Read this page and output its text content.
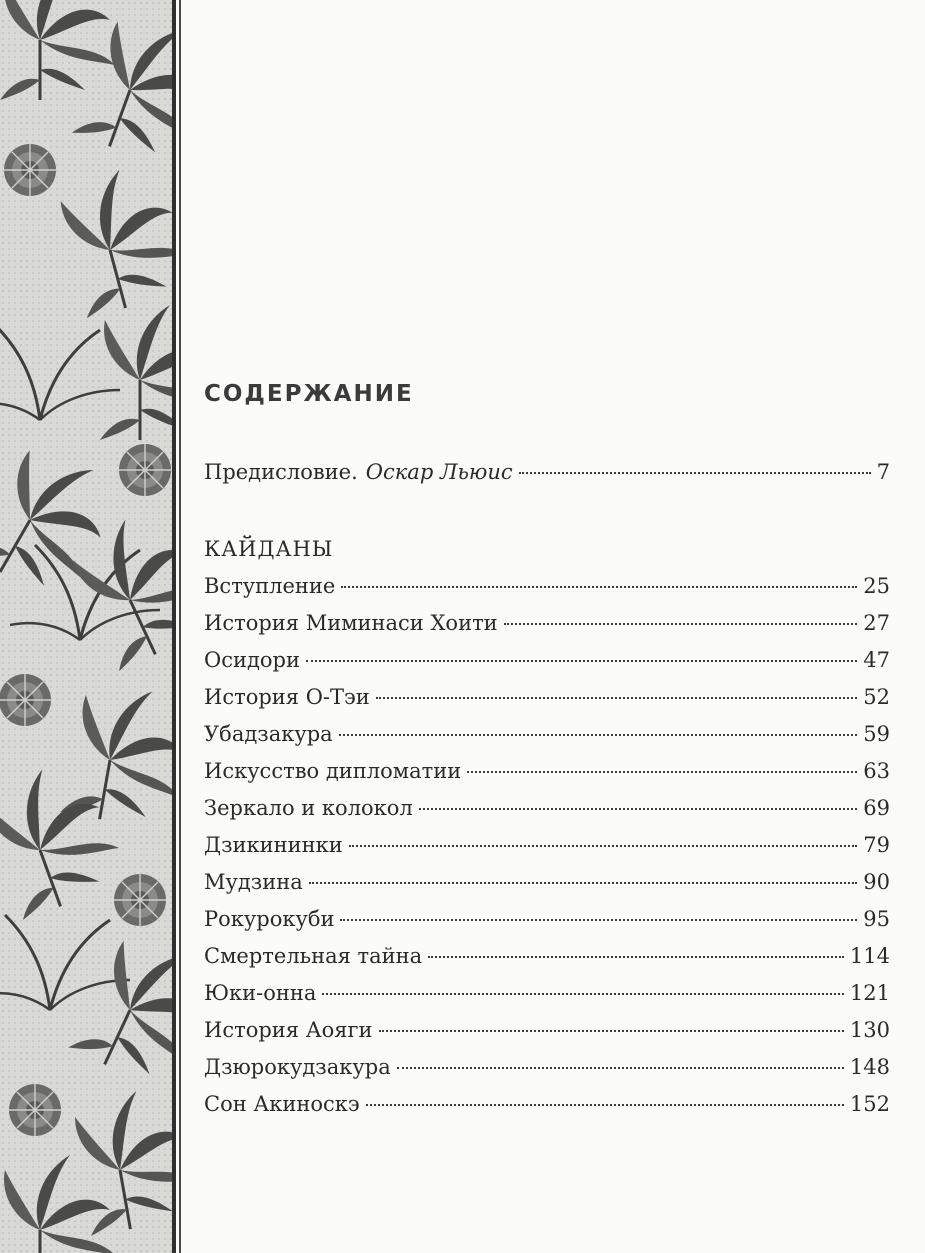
СОДЕРЖАНИЕ
Предисловие. Оскар Льюис	7
КАЙДАНЫ
Вступление	25
История Миминаси Хоити	27
Осидори	47
История О-Тэи	52
Убадзакура	59
Искусство дипломатии	63
Зеркало и колокол	69
Дзикининки	79
Мудзина	90
Рокурокуби	95
Смертельная тайна	114
Юки-онна	121
История Аояги	130
Дзюрокудзакура	148
Сон Акиноскэ	152
